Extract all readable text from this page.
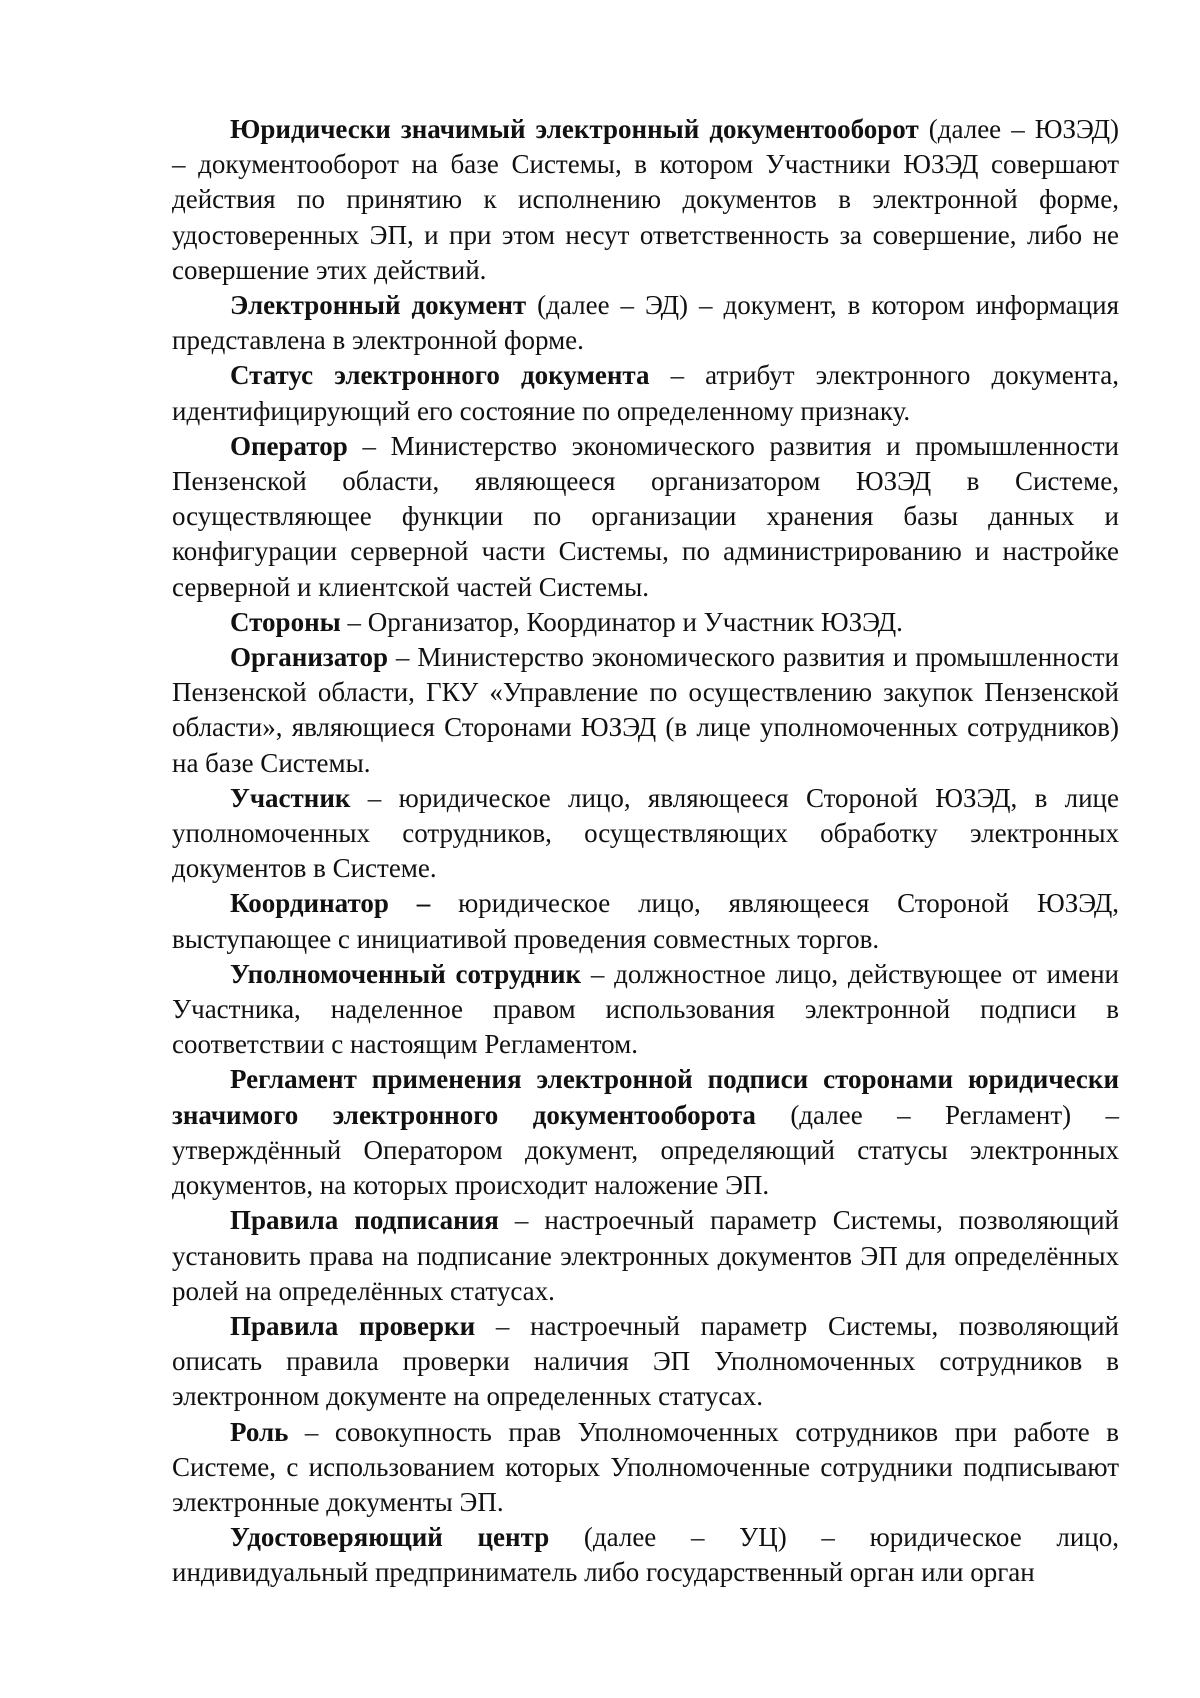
Юридически значимый электронный документооборот (далее – ЮЗЭД) – документооборот на базе Системы, в котором Участники ЮЗЭД совершают действия по принятию к исполнению документов в электронной форме, удостоверенных ЭП, и при этом несут ответственность за совершение, либо не совершение этих действий.

Электронный документ (далее – ЭД) – документ, в котором информация представлена в электронной форме.

Статус электронного документа – атрибут электронного документа, идентифицирующий его состояние по определенному признаку.

Оператор – Министерство экономического развития и промышленности Пензенской области, являющееся организатором ЮЗЭД в Системе, осуществляющее функции по организации хранения базы данных и конфигурации серверной части Системы, по администрированию и настройке серверной и клиентской частей Системы.

Стороны – Организатор, Координатор и Участник ЮЗЭД.

Организатор – Министерство экономического развития и промышленности Пензенской области, ГКУ «Управление по осуществлению закупок Пензенской области», являющиеся Сторонами ЮЗЭД (в лице уполномоченных сотрудников) на базе Системы.

Участник – юридическое лицо, являющееся Стороной ЮЗЭД, в лице уполномоченных сотрудников, осуществляющих обработку электронных документов в Системе.

Координатор – юридическое лицо, являющееся Стороной ЮЗЭД, выступающее с инициативой проведения совместных торгов.

Уполномоченный сотрудник – должностное лицо, действующее от имени Участника, наделенное правом использования электронной подписи в соответствии с настоящим Регламентом.

Регламент применения электронной подписи сторонами юридически значимого электронного документооборота (далее – Регламент) – утверждённый Оператором документ, определяющий статусы электронных документов, на которых происходит наложение ЭП.

Правила подписания – настроечный параметр Системы, позволяющий установить права на подписание электронных документов ЭП для определённых ролей на определённых статусах.

Правила проверки – настроечный параметр Системы, позволяющий описать правила проверки наличия ЭП Уполномоченных сотрудников в электронном документе на определенных статусах.

Роль – совокупность прав Уполномоченных сотрудников при работе в Системе, с использованием которых Уполномоченные сотрудники подписывают электронные документы ЭП.

Удостоверяющий центр (далее – УЦ) – юридическое лицо, индивидуальный предприниматель либо государственный орган или орган
